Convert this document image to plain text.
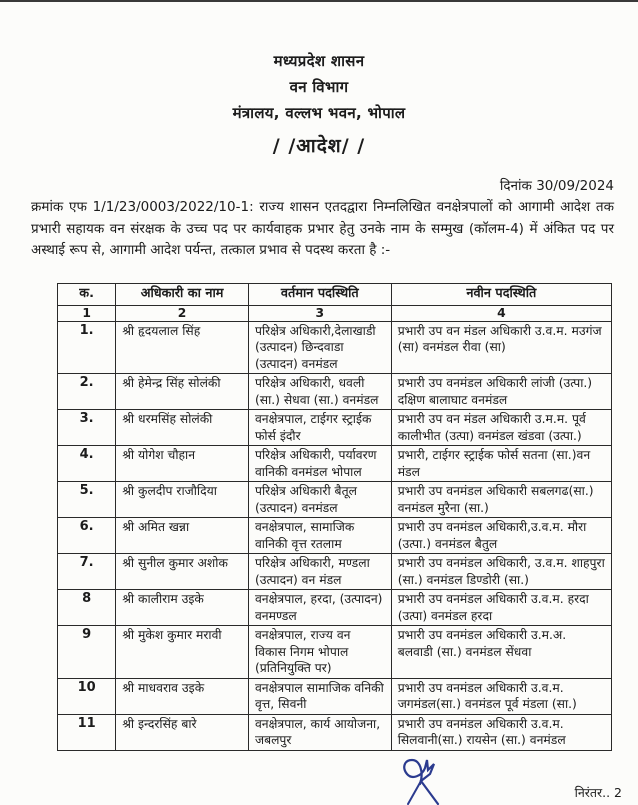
मध्यप्रदेश शासन
वन विभाग
मंत्रालय, वल्लभ भवन, भोपाल
/ /आदेश/ /
दिनांक 30/09/2024
क्रमांक एफ 1/1/23/0003/2022/10-1: राज्य शासन एतदद्वारा निम्नलिखित वनक्षेत्रपालों को आगामी आदेश तक प्रभारी सहायक वन संरक्षक के उच्च पद पर कार्यवाहक प्रभार हेतु उनके नाम के सम्मुख (कॉलम-4) में अंकित पद पर अस्थाई रूप से, आगामी आदेश पर्यन्त, तत्काल प्रभाव से पदस्थ करता है :-
क.	अधिकारी का नाम	वर्तमान पदस्थिति	नवीन पदस्थिति
1	2	3	4
1.	श्री हृदयलाल सिंह	परिक्षेत्र अधिकारी,देलाखाडी (उत्पादन) छिन्दवाडा (उत्पादन) वनमंडल	प्रभारी उप वन मंडल अधिकारी उ.व.म. मउगंज (सा) वनमंडल रीवा (सा)
2.	श्री हेमेन्द्र सिंह सोलंकी	परिक्षेत्र अधिकारी, धवली (सा.) सेधवा (सा.) वनमंडल	प्रभारी उप वनमंडल अधिकारी लांजी (उत्पा.) दक्षिण बालाघाट वनमंडल
3.	श्री धरमसिंह सोलंकी	वनक्षेत्रपाल, टाईगर स्ट्राईक फोर्स इंदौर	प्रभारी उप वन मंडल अधिकारी उ.म.म. पूर्व कालीभीत (उत्पा) वनमंडल खंडवा (उत्पा.)
4.	श्री योगेश चौहान	परिक्षेत्र अधिकारी, पर्यावरण वानिकी वनमंडल भोपाल	प्रभारी, टाईगर स्ट्राईक फोर्स सतना (सा.)वन मंडल
5.	श्री कुलदीप राजौदिया	परिक्षेत्र अधिकारी बैतूल (उत्पादन) वनमंडल	प्रभारी उप वनमंडल अधिकारी सबलगढ(सा.) वनमंडल मुरैना (सा.)
6.	श्री अमित खन्ना	वनक्षेत्रपाल, सामाजिक वानिकी वृत्त रतलाम	प्रभारी उप वनमंडल अधिकारी,उ.व.म. मौरा (उत्पा.) वनमंडल बैतुल
7.	श्री सुनील कुमार अशोक	परिक्षेत्र अधिकारी, मण्डला (उत्पादन) वन मंडल	प्रभारी उप वनमंडल अधिकारी, उ.व.म. शाहपुरा (सा.) वनमंडल डिण्डोरी (सा.)
8	श्री कालीराम उइके	वनक्षेत्रपाल, हरदा, (उत्पादन) वनमण्डल	प्रभारी उप वनमंडल अधिकारी उ.व.म. हरदा (उत्पा) वनमंडल हरदा
9	श्री मुकेश कुमार मरावी	वनक्षेत्रपाल, राज्य वन विकास निगम भोपाल (प्रतिनियुक्ति पर)	प्रभारी उप वनमंडल अधिकारी उ.म.अ. बलवाडी (सा.) वनमंडल सेंधवा
10	श्री माधवराव उइके	वनक्षेत्रपाल सामाजिक वनिकी वृत्त, सिवनी	प्रभारी उप वनमंडल अधिकारी उ.व.म. जगमंडल(सा.) वनमंडल पूर्व मंडला (सा.)
11	श्री इन्दरसिंह बारे	वनक्षेत्रपाल, कार्य आयोजना, जबलपुर	प्रभारी उप वनमंडल अधिकारी उ.व.म. सिलवानी(सा.) रायसेन (सा.) वनमंडल
निरंतर.. 2
